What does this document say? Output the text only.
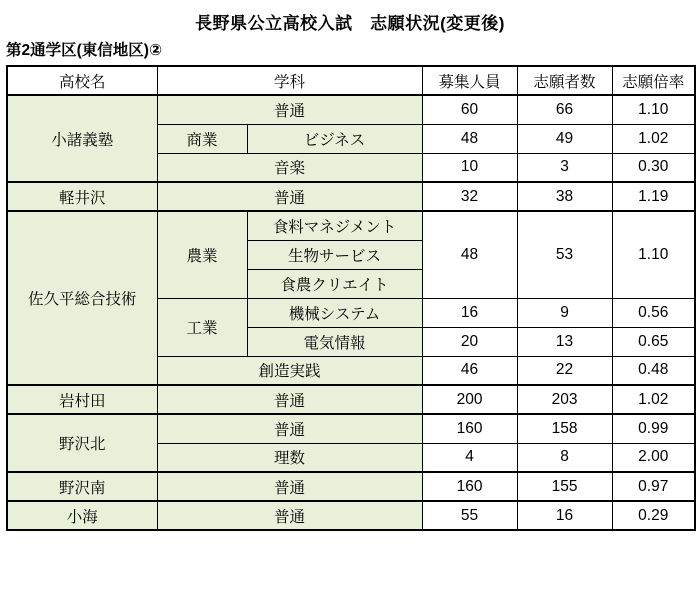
長野県公立高校入試　志願状況(変更後)
第2通学区(東信地区)②
高校名	学科		募集人員	志願者数	志願倍率
小諸義塾	普通		60	66	1.10
	商業	ビジネス	48	49	1.02
	音楽		10	3	0.30
軽井沢	普通		32	38	1.19
佐久平総合技術	農業	食料マネジメント	48	53	1.10
		生物サービス			
		食農クリエイト			
	工業	機械システム	16	9	0.56
		電気情報	20	13	0.65
	創造実践		46	22	0.48
岩村田	普通		200	203	1.02
野沢北	普通		160	158	0.99
	理数		4	8	2.00
野沢南	普通		160	155	0.97
小海	普通		55	16	0.29
